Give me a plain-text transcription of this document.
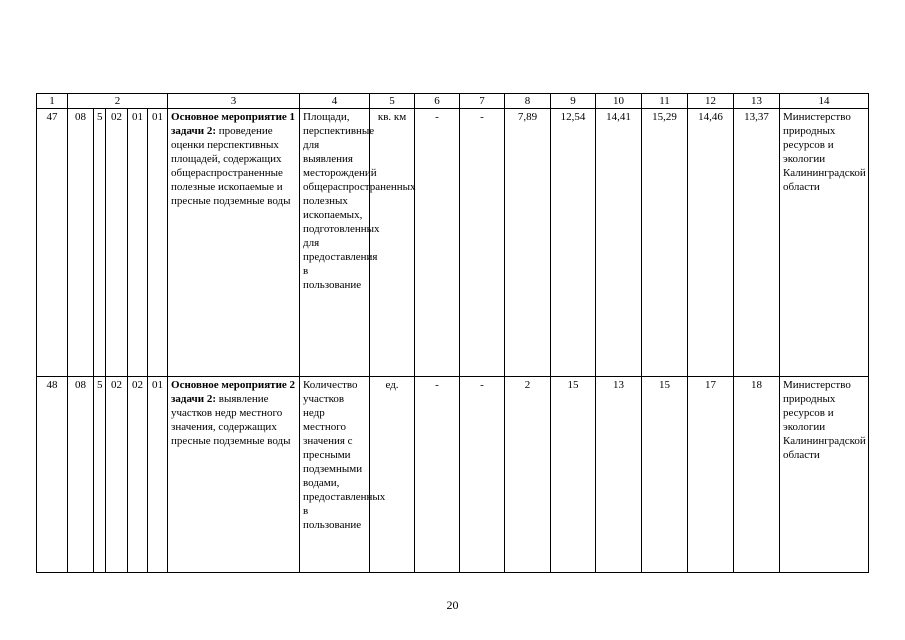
1	2					3	4	5	6	7	8	9	10	11	12	13	14
47	08	5	02	01	01	Основное мероприятие 1 задачи 2: проведение оценки перспективных площадей, содержащих общераспространенные полезные ископаемые и пресные подземные воды	Площади, перспективные для выявления месторождений общераспространенных полезных ископаемых, подготовленных для предоставления в пользование	кв. км	-	-	7,89	12,54	14,41	15,29	14,46	13,37	Министерство природных ресурсов и экологии Калининградской области
48	08	5	02	02	01	Основное мероприятие 2 задачи 2: выявление участков недр местного значения, содержащих пресные подземные воды	Количество участков недр местного значения с пресными подземными водами, предоставленных в пользование	ед.	-	-	2	15	13	15	17	18	Министерство природных ресурсов и экологии Калининградской области
20
